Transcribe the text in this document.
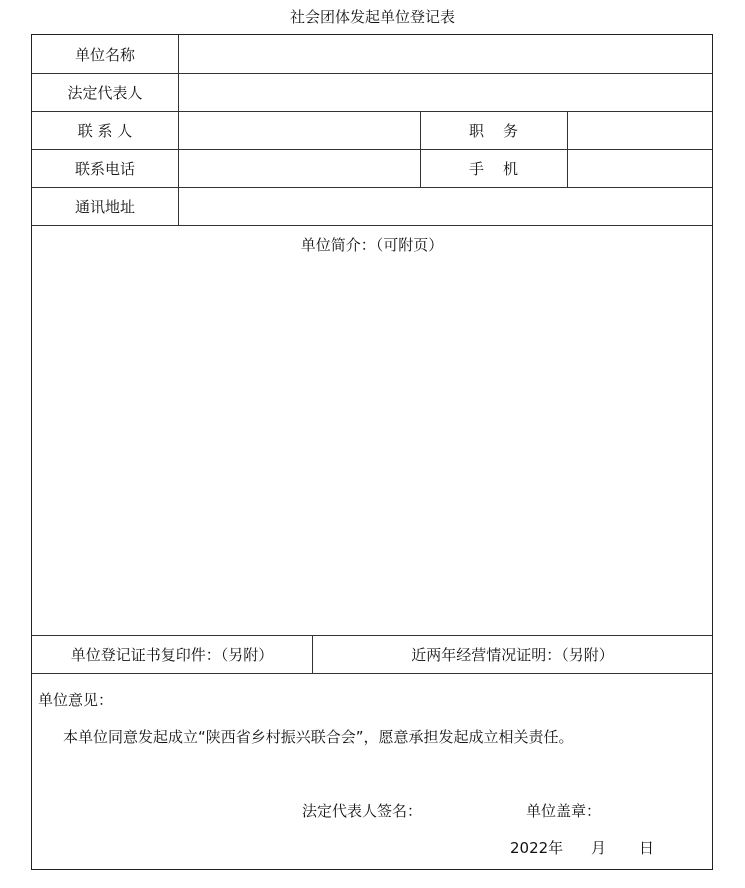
社会团体发起单位登记表
单位名称
法定代表人
联 系 人	职    务
联系电话	手    机
通讯地址
单位简介：（可附页）
单位登记证书复印件：（另附）	近两年经营情况证明：（另附）
单位意见：
本单位同意发起成立“陕西省乡村振兴联合会”，愿意承担发起成立相关责任。
法定代表人签名：	单位盖章：
2022年 月 日
